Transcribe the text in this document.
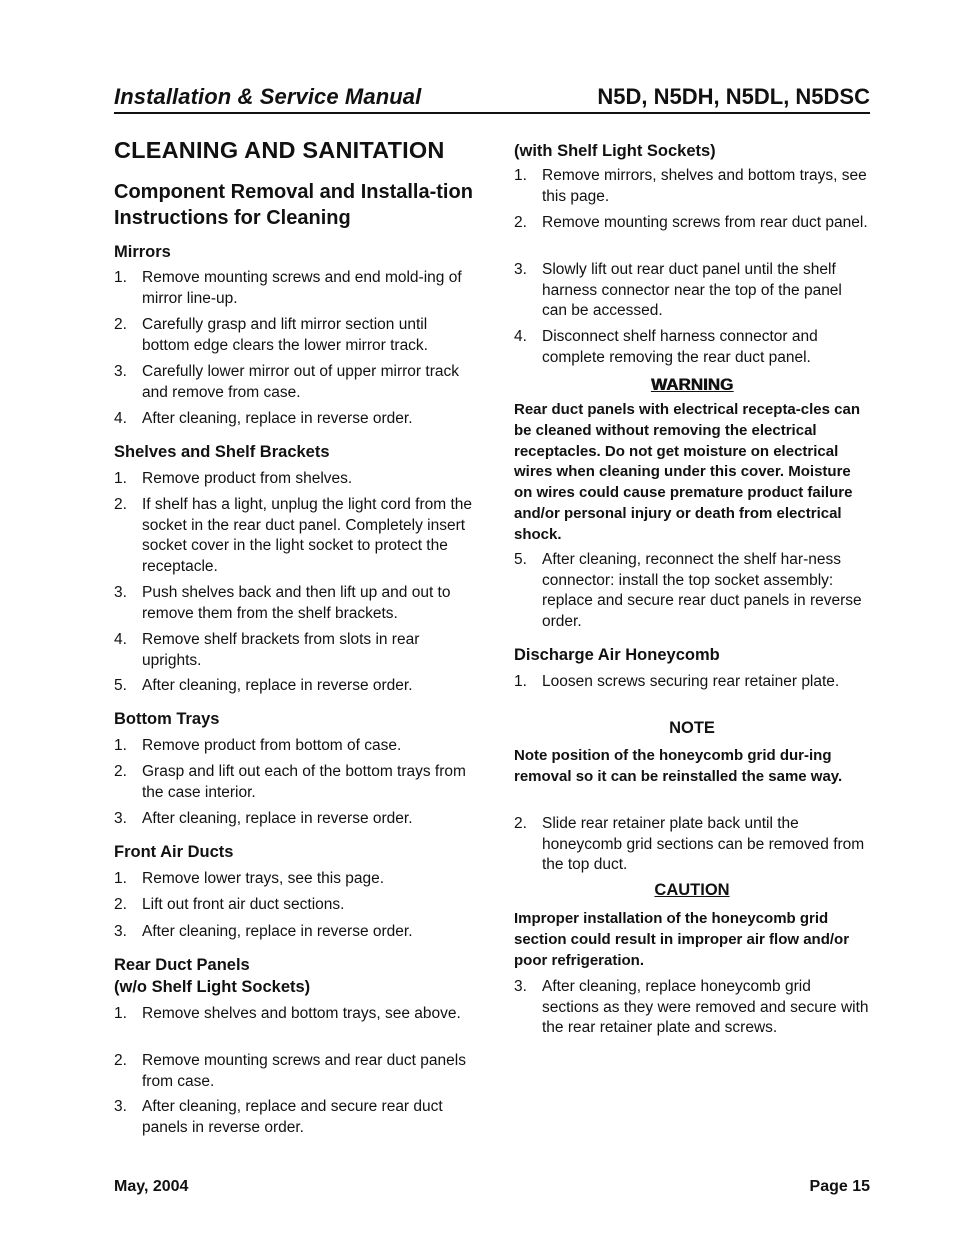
Installation & Service Manual	N5D, N5DH, N5DL, N5DSC
CLEANING AND SANITATION
Component Removal and Installa-tion Instructions for Cleaning
Mirrors
1. Remove mounting screws and end mold-ing of mirror line-up.
2. Carefully grasp and lift mirror section until bottom edge clears the lower mirror track.
3. Carefully lower mirror out of upper mirror track and remove from case.
4. After cleaning, replace in reverse order.
Shelves and Shelf Brackets
1. Remove product from shelves.
2. If shelf has a light, unplug the light cord from the socket in the rear duct panel. Completely insert socket cover in the light socket to protect the receptacle.
3. Push shelves back and then lift up and out to remove them from the shelf brackets.
4. Remove shelf brackets from slots in rear uprights.
5. After cleaning, replace in reverse order.
Bottom Trays
1. Remove product from bottom of case.
2. Grasp and lift out each of the bottom trays from the case interior.
3. After cleaning, replace in reverse order.
Front Air Ducts
1. Remove lower trays, see this page.
2. Lift out front air duct sections.
3. After cleaning, replace in reverse order.
Rear Duct Panels
(w/o Shelf Light Sockets)
1. Remove shelves and bottom trays, see above.
2. Remove mounting screws and rear duct panels from case.
3. After cleaning, replace and secure rear duct panels in reverse order.
(with Shelf Light Sockets)
1. Remove mirrors, shelves and bottom trays, see this page.
2. Remove mounting screws from rear duct panel.
3. Slowly lift out rear duct panel until the shelf harness connector near the top of the panel can be accessed.
4. Disconnect shelf harness connector and complete removing the rear duct panel.
WARNING
Rear duct panels with electrical recepta-cles can be cleaned without removing the electrical receptacles. Do not get moisture on electrical wires when cleaning under this cover. Moisture on wires could cause premature product failure and/or personal injury or death from electrical shock.
5. After cleaning, reconnect the shelf har-ness connector: install the top socket assembly: replace and secure rear duct panels in reverse order.
Discharge Air Honeycomb
1. Loosen screws securing rear retainer plate.
NOTE
Note position of the honeycomb grid dur-ing removal so it can be reinstalled the same way.
2. Slide rear retainer plate back until the honeycomb grid sections can be removed from the top duct.
CAUTION
Improper installation of the honeycomb grid section could result in improper air flow and/or poor refrigeration.
3. After cleaning, replace honeycomb grid sections as they were removed and secure with the rear retainer plate and screws.
May, 2004	Page 15
